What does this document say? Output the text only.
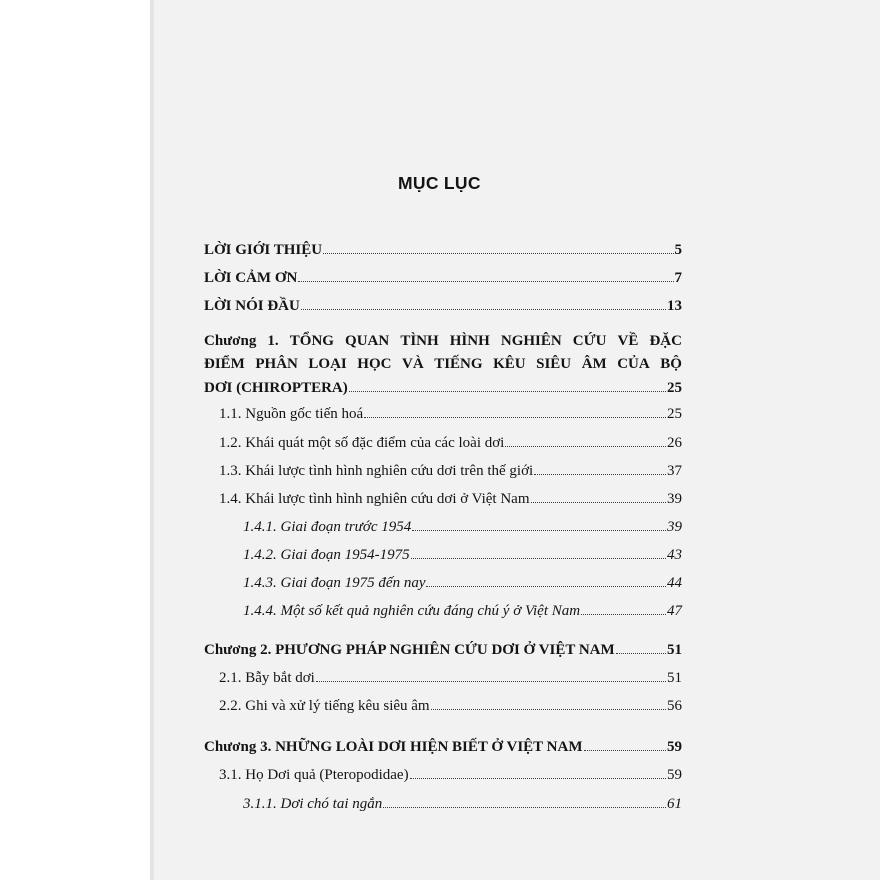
MỤC LỤC
LỜI GIỚI THIỆU	5
LỜI CẢM ƠN	7
LỜI NÓI ĐẦU	13
Chương 1. TỔNG QUAN TÌNH HÌNH NGHIÊN CỨU VỀ ĐẶC
ĐIỂM PHÂN LOẠI HỌC VÀ TIẾNG KÊU SIÊU ÂM CỦA BỘ
DƠI (CHIROPTERA)	25
1.1. Nguồn gốc tiến hoá	25
1.2. Khái quát một số đặc điểm của các loài dơi	26
1.3. Khái lược tình hình nghiên cứu dơi trên thế giới	37
1.4. Khái lược tình hình nghiên cứu dơi ở Việt Nam	39
1.4.1. Giai đoạn trước 1954	39
1.4.2. Giai đoạn 1954-1975	43
1.4.3. Giai đoạn 1975 đến nay	44
1.4.4. Một số kết quả nghiên cứu đáng chú ý ở Việt Nam	47
Chương 2. PHƯƠNG PHÁP NGHIÊN CỨU DƠI Ở VIỆT NAM	51
2.1. Bẫy bắt dơi	51
2.2. Ghi và xử lý tiếng kêu siêu âm	56
Chương 3. NHỮNG LOÀI DƠI HIỆN BIẾT Ở VIỆT NAM	59
3.1. Họ Dơi quả (Pteropodidae)	59
3.1.1. Dơi chó tai ngắn	61
